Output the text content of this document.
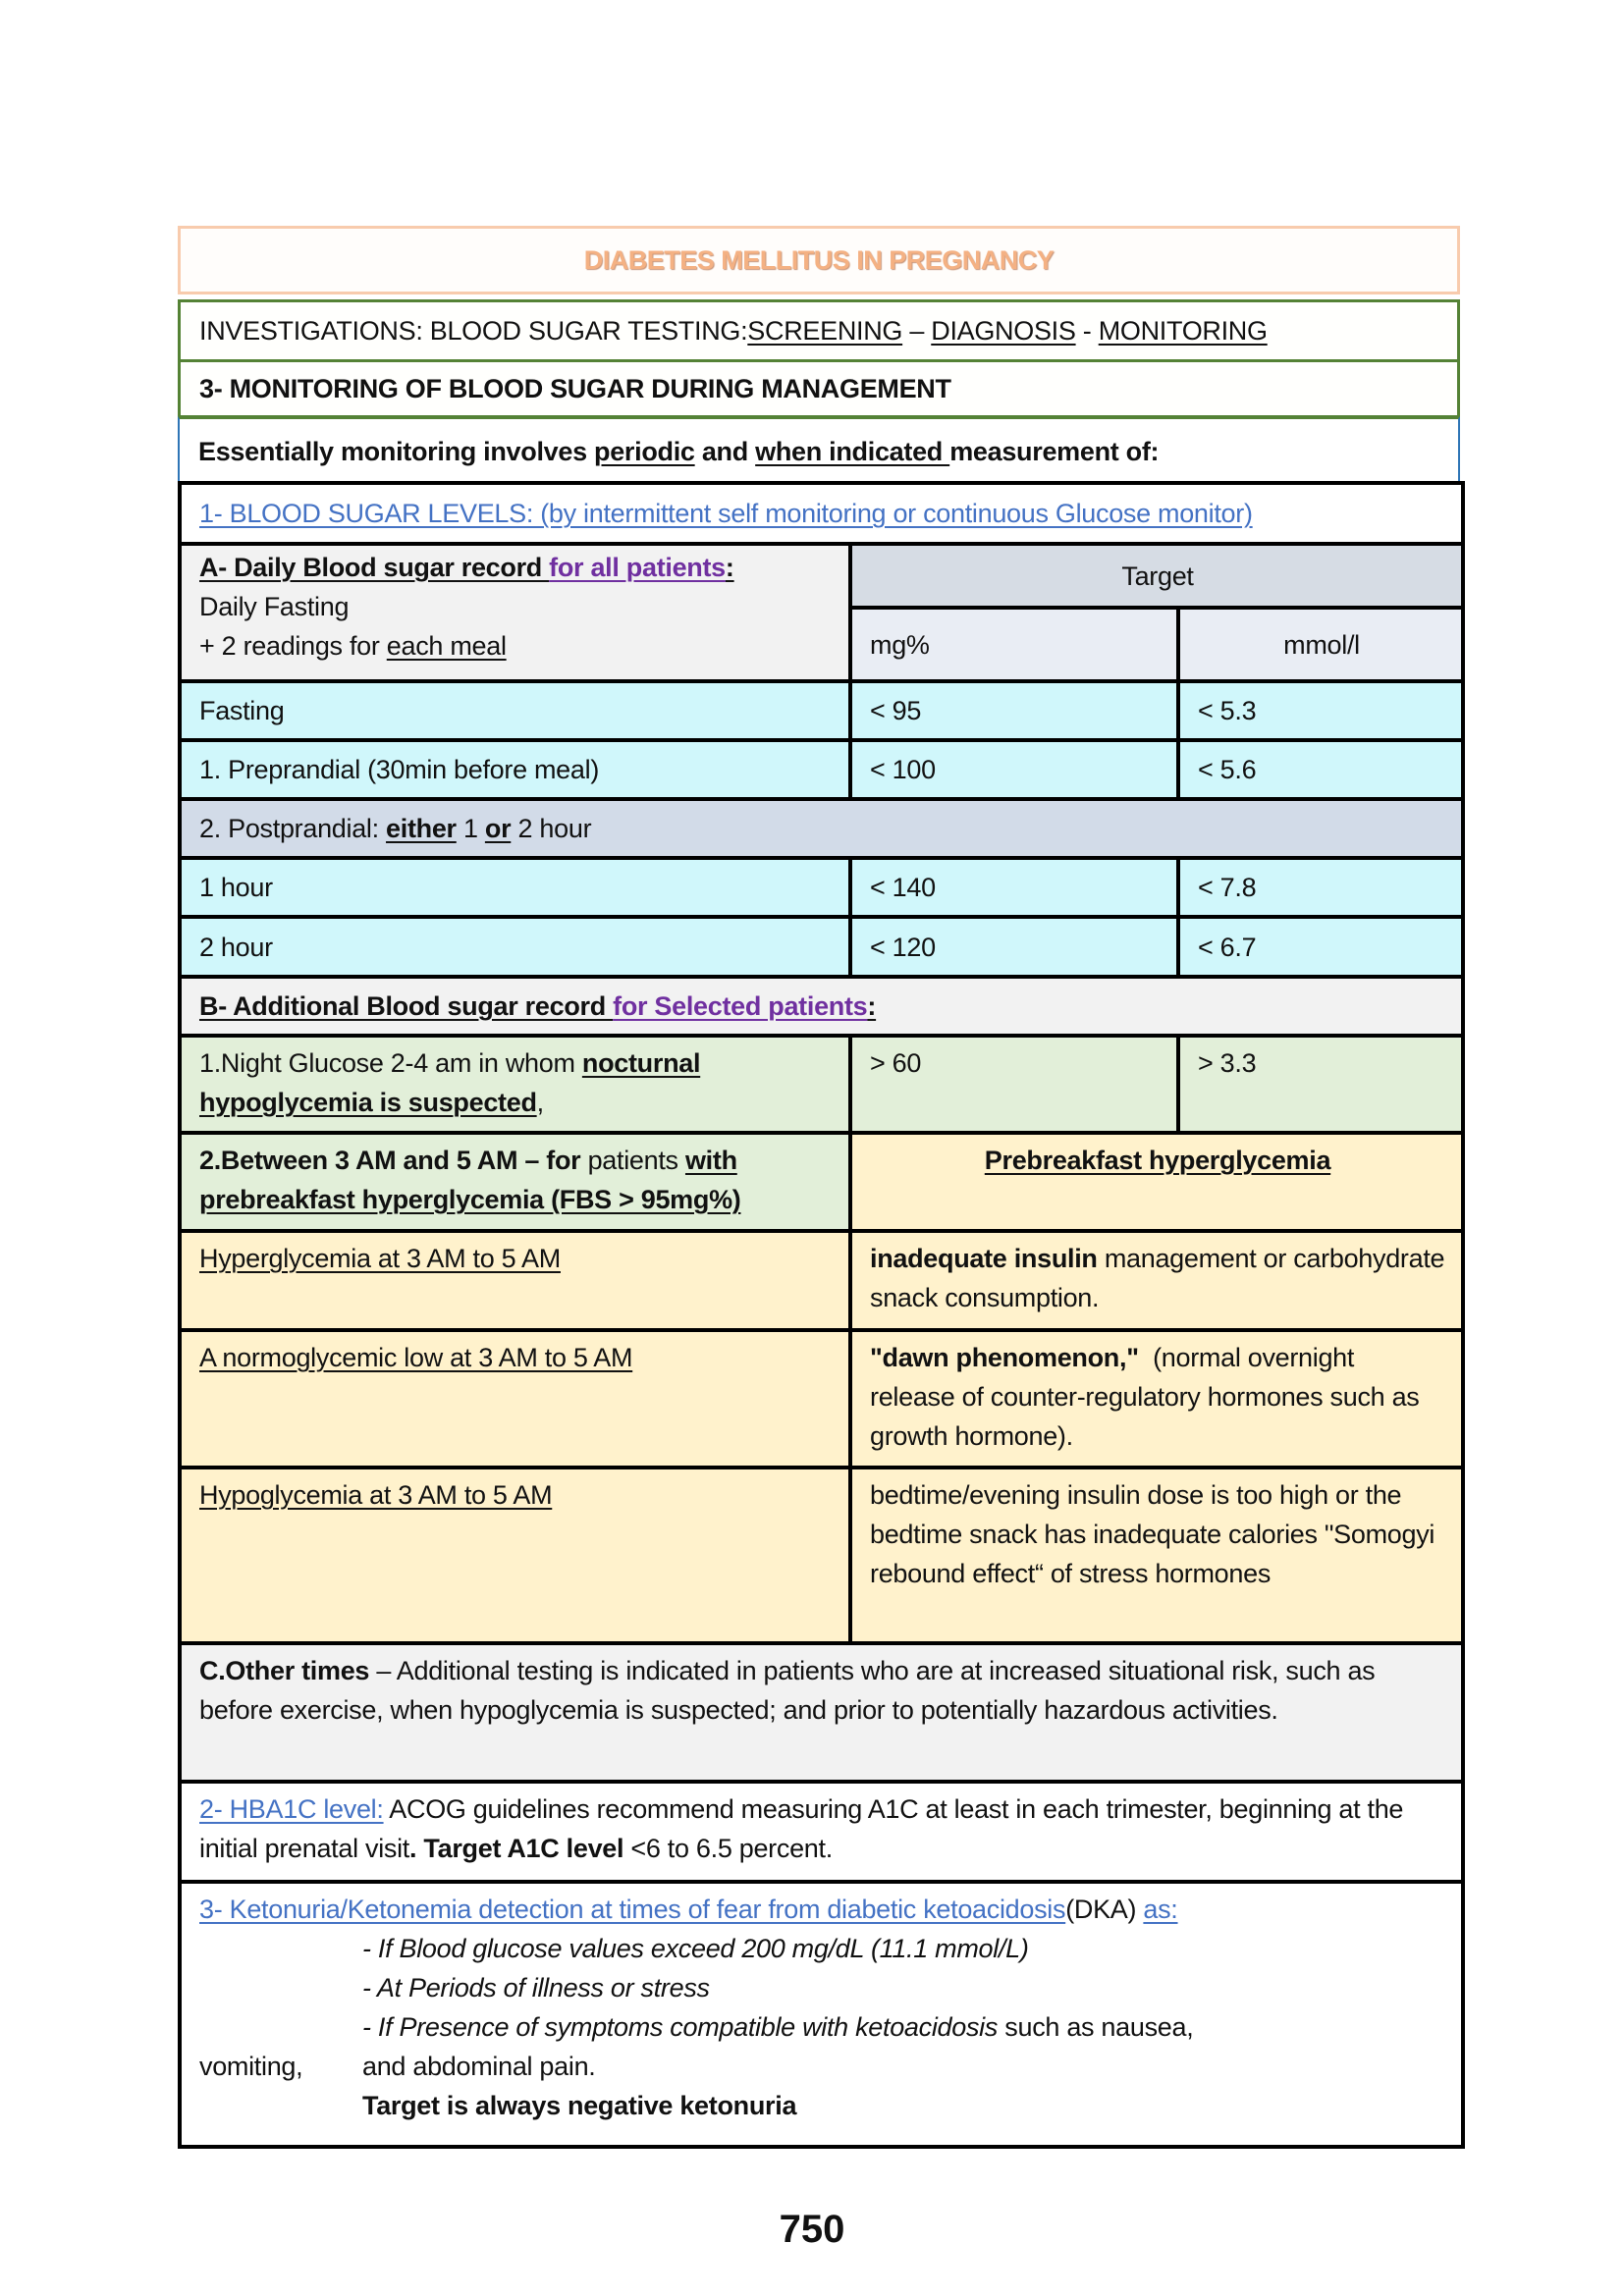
DIABETES MELLITUS IN PREGNANCY
INVESTIGATIONS: BLOOD SUGAR TESTING: SCREENING – DIAGNOSIS - MONITORING
3- MONITORING OF BLOOD SUGAR DURING MANAGEMENT
Essentially monitoring involves periodic and when indicated measurement of:
1- BLOOD SUGAR LEVELS: (by intermittent self monitoring or continuous Glucose monitor)		

A- Daily Blood sugar record for all patients:
Daily Fasting
+ 2 readings for each meal	Target	
	mg%	mmol/l
Fasting	< 95	< 5.3
1. Preprandial (30min before meal)	< 100	< 5.6
2. Postprandial: either 1 or 2 hour		
1 hour	< 140	< 7.8
2 hour	< 120	< 6.7
B- Additional Blood sugar record for Selected patients:		
1.Night Glucose 2-4 am in whom nocturnal hypoglycemia is suspected,	> 60	> 3.3
2.Between 3 AM and 5 AM – for patients with prebreakfast hyperglycemia (FBS > 95mg%)	Prebreakfast hyperglycemia	
Hyperglycemia at 3 AM to 5 AM	inadequate insulin management or carbohydrate snack consumption.	
A normoglycemic low at 3 AM to 5 AM	"dawn phenomenon,"  (normal overnight release of counter-regulatory hormones such as growth hormone).	
Hypoglycemia at 3 AM to 5 AM	bedtime/evening insulin dose is too high or the bedtime snack has inadequate calories "Somogyi rebound effect“ of stress hormones	
C.Other times – Additional testing is indicated in patients who are at increased situational risk, such as before exercise, when hypoglycemia is suspected; and prior to potentially hazardous activities.		
2- HBA1C level: ACOG guidelines recommend measuring A1C at least in each trimester, beginning at the initial prenatal visit. Target A1C level <6 to 6.5 percent.		

3- Ketonuria/Ketonemia detection at times of fear from diabetic ketoacidosis(DKA) as:
- If Blood glucose values exceed 200 mg/dL (11.1 mmol/L)
- At Periods of illness or stress
- If Presence of symptoms compatible with ketoacidosis such as nausea,
vomiting, and abdominal pain.
Target is always negative ketonuria
750
